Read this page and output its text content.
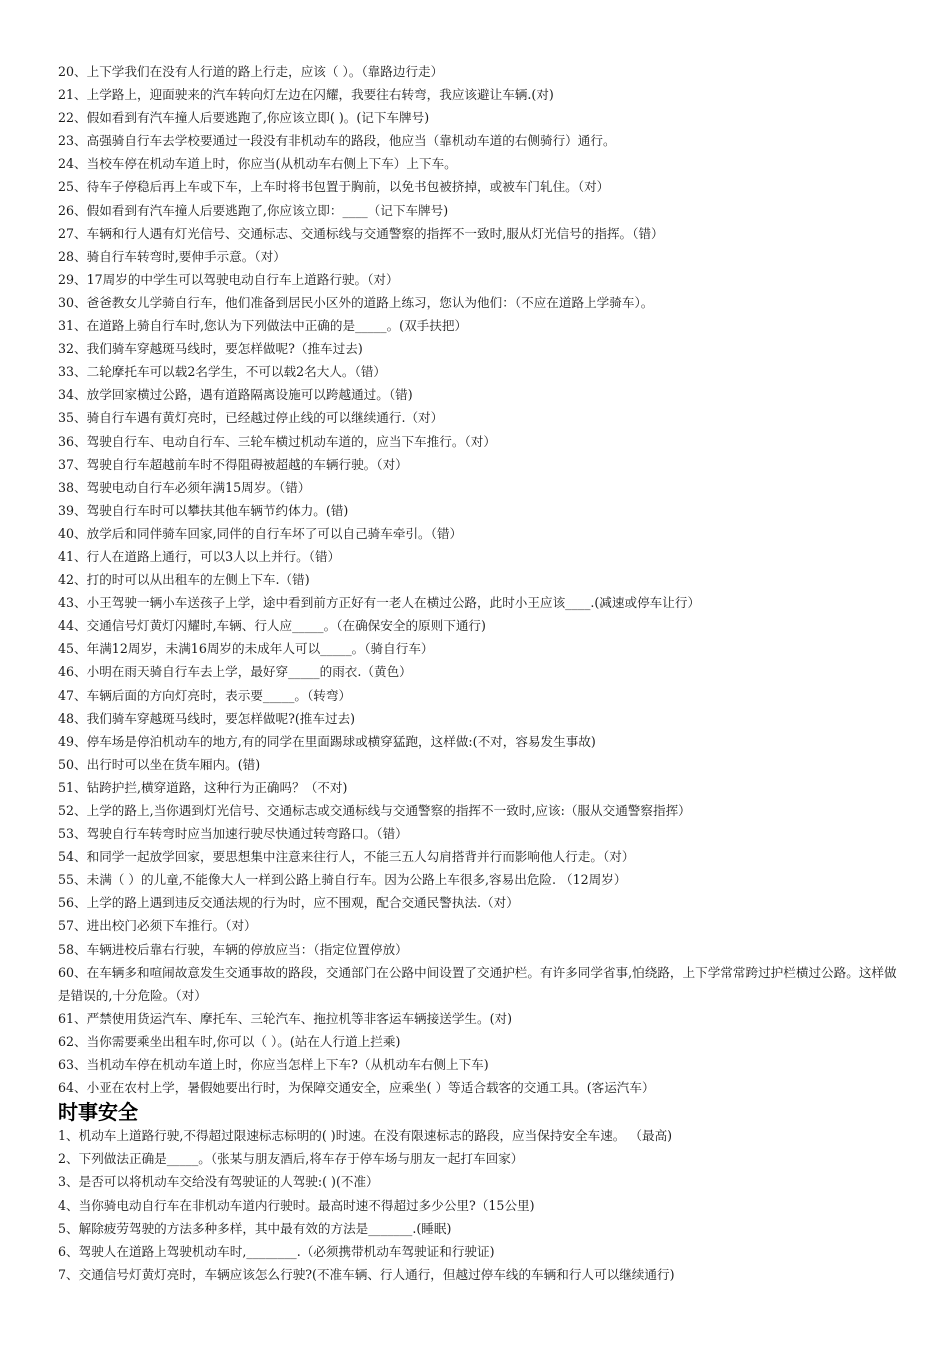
20、上下学我们在没有人行道的路上行走，应该（ ）。（靠路边行走）
21、上学路上，迎面驶来的汽车转向灯左边在闪耀，我要往右转弯，我应该避让车辆.(对)
22、假如看到有汽车撞人后要逃跑了,你应该立即( )。(记下车牌号)
23、高强骑自行车去学校要通过一段没有非机动车的路段，他应当（靠机动车道的右侧骑行）通行。
24、当校车停在机动车道上时，你应当(从机动车右侧上下车）上下车。
25、待车子停稳后再上车或下车，上车时将书包置于胸前，以免书包被挤掉，或被车门轧住。（对）
26、假如看到有汽车撞人后要逃跑了,你应该立即：____（记下车牌号)
27、车辆和行人遇有灯光信号、交通标志、交通标线与交通警察的指挥不一致时,服从灯光信号的指挥。（错）
28、骑自行车转弯时,要伸手示意。（对）
29、17周岁的中学生可以驾驶电动自行车上道路行驶。（对）
30、爸爸教女儿学骑自行车，他们准备到居民小区外的道路上练习，您认为他们：（不应在道路上学骑车）。
31、在道路上骑自行车时,您认为下列做法中正确的是_____。(双手扶把）
32、我们骑车穿越斑马线时，要怎样做呢?（推车过去)
33、二轮摩托车可以载2名学生，不可以载2名大人。（错）
34、放学回家横过公路，遇有道路隔离设施可以跨越通过。（错)
35、骑自行车遇有黄灯亮时，已经越过停止线的可以继续通行.（对）
36、驾驶自行车、电动自行车、三轮车横过机动车道的，应当下车推行。（对）
37、驾驶自行车超越前车时不得阻碍被超越的车辆行驶。（对）
38、驾驶电动自行车必须年满15周岁。（错）
39、驾驶自行车时可以攀扶其他车辆节约体力。(错)
40、放学后和同伴骑车回家,同伴的自行车坏了可以自己骑车牵引。（错）
41、行人在道路上通行，可以3人以上并行。（错）
42、打的时可以从出租车的左侧上下车.（错)
43、小王驾驶一辆小车送孩子上学，途中看到前方正好有一老人在横过公路，此时小王应该____.(减速或停车让行）
44、交通信号灯黄灯闪耀时,车辆、行人应_____。（在确保安全的原则下通行)
45、年满12周岁，未满16周岁的未成年人可以_____。（骑自行车）
46、小明在雨天骑自行车去上学，最好穿_____的雨衣.（黄色）
47、车辆后面的方向灯亮时，表示要_____。（转弯）
48、我们骑车穿越斑马线时，要怎样做呢?(推车过去)
49、停车场是停泊机动车的地方,有的同学在里面踢球或横穿猛跑，这样做:(不对，容易发生事故)
50、出行时可以坐在货车厢内。(错)
51、钻跨护拦,横穿道路，这种行为正确吗？（不对)
52、上学的路上,当你遇到灯光信号、交通标志或交通标线与交通警察的指挥不一致时,应该:（服从交通警察指挥）
53、驾驶自行车转弯时应当加速行驶尽快通过转弯路口。（错）
54、和同学一起放学回家，要思想集中注意来往行人，不能三五人勾肩搭背并行而影响他人行走。（对）
55、未满（ ）的儿童,不能像大人一样到公路上骑自行车。因为公路上车很多,容易出危险. （12周岁）
56、上学的路上遇到违反交通法规的行为时，应不围观，配合交通民警执法.（对）
57、进出校门必须下车推行。（对）
58、车辆进校后靠右行驶，车辆的停放应当：（指定位置停放）
60、在车辆多和喧闹故意发生交通事故的路段，交通部门在公路中间设置了交通护栏。有许多同学省事,怕绕路，上下学常常跨过护栏横过公路。这样做是错误的,十分危险。（对）
61、严禁使用货运汽车、摩托车、三轮汽车、拖拉机等非客运车辆接送学生。(对)
62、当你需要乘坐出租车时,你可以（ ）。(站在人行道上拦乘)
63、当机动车停在机动车道上时，你应当怎样上下车?（从机动车右侧上下车)
64、小亚在农村上学，暑假她要出行时，为保障交通安全，应乘坐( ）等适合载客的交通工具。(客运汽车）
时事安全
1、机动车上道路行驶,不得超过限速标志标明的( )时速。在没有限速标志的路段，应当保持安全车速。 （最高)
2、下列做法正确是_____。（张某与朋友酒后,将车存于停车场与朋友一起打车回家）
3、是否可以将机动车交给没有驾驶证的人驾驶:( )(不准）
4、当你骑电动自行车在非机动车道内行驶时。最高时速不得超过多少公里?（15公里)
5、解除疲劳驾驶的方法多种多样，其中最有效的方法是_______.(睡眠)
6、驾驶人在道路上驾驶机动车时,________.（必须携带机动车驾驶证和行驶证)
7、交通信号灯黄灯亮时，车辆应该怎么行驶?(不准车辆、行人通行，但越过停车线的车辆和行人可以继续通行)
